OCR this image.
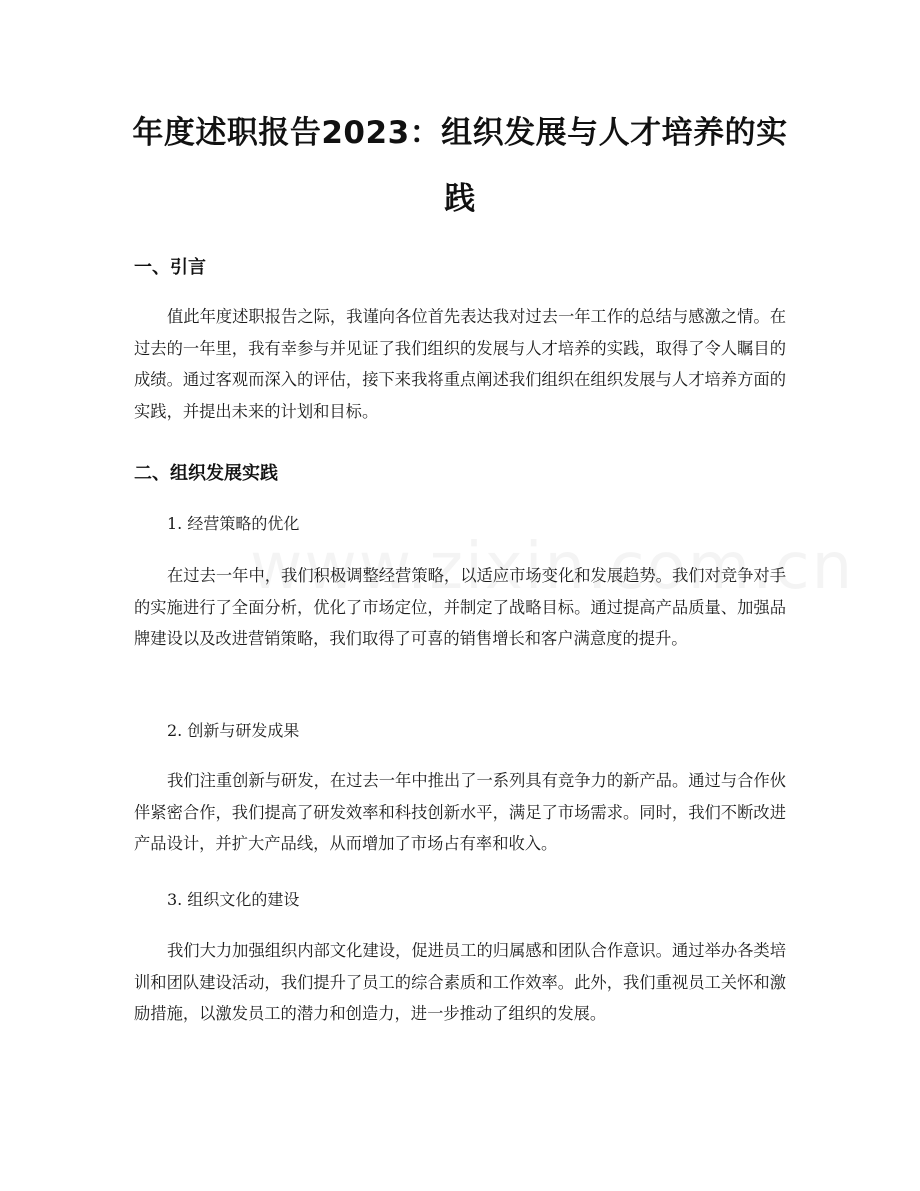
年度述职报告2023：组织发展与人才培养的实践
一、引言

值此年度述职报告之际，我谨向各位首先表达我对过去一年工作的总结与感激之情。在过去的一年里，我有幸参与并见证了我们组织的发展与人才培养的实践，取得了令人瞩目的成绩。通过客观而深入的评估，接下来我将重点阐述我们组织在组织发展与人才培养方面的实践，并提出未来的计划和目标。

二、组织发展实践
1. 经营策略的优化

在过去一年中，我们积极调整经营策略，以适应市场变化和发展趋势。我们对竞争对手的实施进行了全面分析，优化了市场定位，并制定了战略目标。通过提高产品质量、加强品牌建设以及改进营销策略，我们取得了可喜的销售增长和客户满意度的提升。

2. 创新与研发成果

我们注重创新与研发，在过去一年中推出了一系列具有竞争力的新产品。通过与合作伙伴紧密合作，我们提高了研发效率和科技创新水平，满足了市场需求。同时，我们不断改进产品设计，并扩大产品线，从而增加了市场占有率和收入。

3. 组织文化的建设

我们大力加强组织内部文化建设，促进员工的归属感和团队合作意识。通过举办各类培训和团队建设活动，我们提升了员工的综合素质和工作效率。此外，我们重视员工关怀和激励措施，以激发员工的潜力和创造力，进一步推动了组织的发展。
